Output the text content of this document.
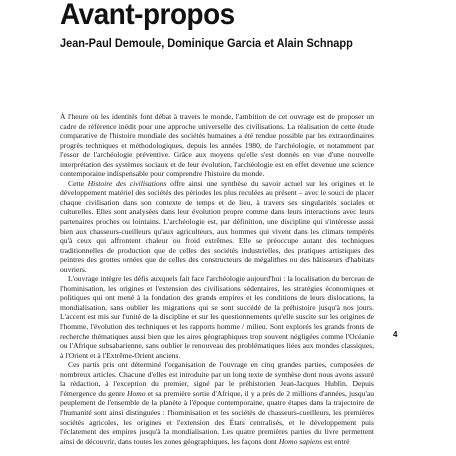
Avant-propos
Jean-Paul Demoule, Dominique Garcia et Alain Schnapp

À l'heure où les identités font débat à travers le monde, l'ambition de cet ouvrage est de proposer un cadre de référence inédit pour une approche universelle des civilisations. La réalisation de cette étude comparative de l'histoire mondiale des sociétés humaines a été rendue possible par les extraordinaires progrès techniques et méthodologiques, depuis les années 1980, de l'archéologie, et notamment par l'essor de l'archéologie préventive. Grâce aux moyens qu'elle s'est donnés en vue d'une nouvelle interprétation des systèmes sociaux et de leur évolution, l'archéologie est en effet devenue une science contemporaine indispensable pour comprendre l'histoire du monde.

Cette Histoire des civilisations offre ainsi une synthèse du savoir actuel sur les origines et le développement matériel des sociétés des périodes les plus reculées au présent – avec le souci de placer chaque civilisation dans son contexte de temps et de lieu, à travers ses singularités sociales et culturelles. Elles sont analysées dans leur évolution propre comme dans leurs interactions avec leurs partenaires proches ou lointains. L'archéologie est, par définition, une discipline qui s'intéresse aussi bien aux chasseurs-cueilleurs qu'aux agriculteurs, aux hommes qui vivent dans les climats tempérés qu'à ceux qui affrontent chaleur ou froid extrêmes. Elle se préoccupe autant des techniques traditionnelles de production que de celles des sociétés industrielles, des pratiques artistiques des peintres des grottes ornées que de celles des constructeurs de mégalithes ou des bâtisseurs d'habitats ouvriers.

L'ouvrage intègre les défis auxquels fait face l'archéologie aujourd'hui : la localisation du berceau de l'hominisation, les origines et l'extension des civilisations sédentaires, les stratégies économiques et politiques qui ont mené à la fondation des grands empires et les conditions de leurs dislocations, la mondialisation, sans oublier les migrations qui se sont succédé de la préhistoire jusqu'à nos jours. L'accent est mis sur l'unité de la discipline et sur les questionnements qu'elle suscite sur les origines de l'homme, l'évolution des techniques et les rapports homme / milieu. Sont explorés les grands fronts de recherche thématiques aussi bien que les aires géographiques trop souvent négligées comme l'Océanie ou l'Afrique subsaharienne, sans oublier le renouveau des problématiques liées aux mondes classiques, à l'Orient et à l'Extrême-Orient anciens.

Ces partis pris ont déterminé l'organisation de l'ouvrage en cinq grandes parties, composées de nombreux articles. Chacune d'elles est introduite par un long texte de synthèse dont nous avons assuré la rédaction, à l'exception du premier, signé par le préhistorien Jean-Jacques Hublin. Depuis l'émergence du genre Homo et sa première sortie d'Afrique, il y a près de 2 millions d'années, jusqu'au peuplement de l'ensemble de la planète à l'époque contemporaine, quatre étapes dans la trajectoire de l'humanité sont ainsi distinguées : l'hominisation et les sociétés de chasseurs-cueilleurs, les premières sociétés agricoles, les origines et l'extension des États centralisés, et le développement puis l'éclatement des empires jusqu'à la mondialisation. Les quatre premières parties du livre permettent ainsi de découvrir, dans toutes les zones géographiques, les façons dont Homo sapiens est entré

4
